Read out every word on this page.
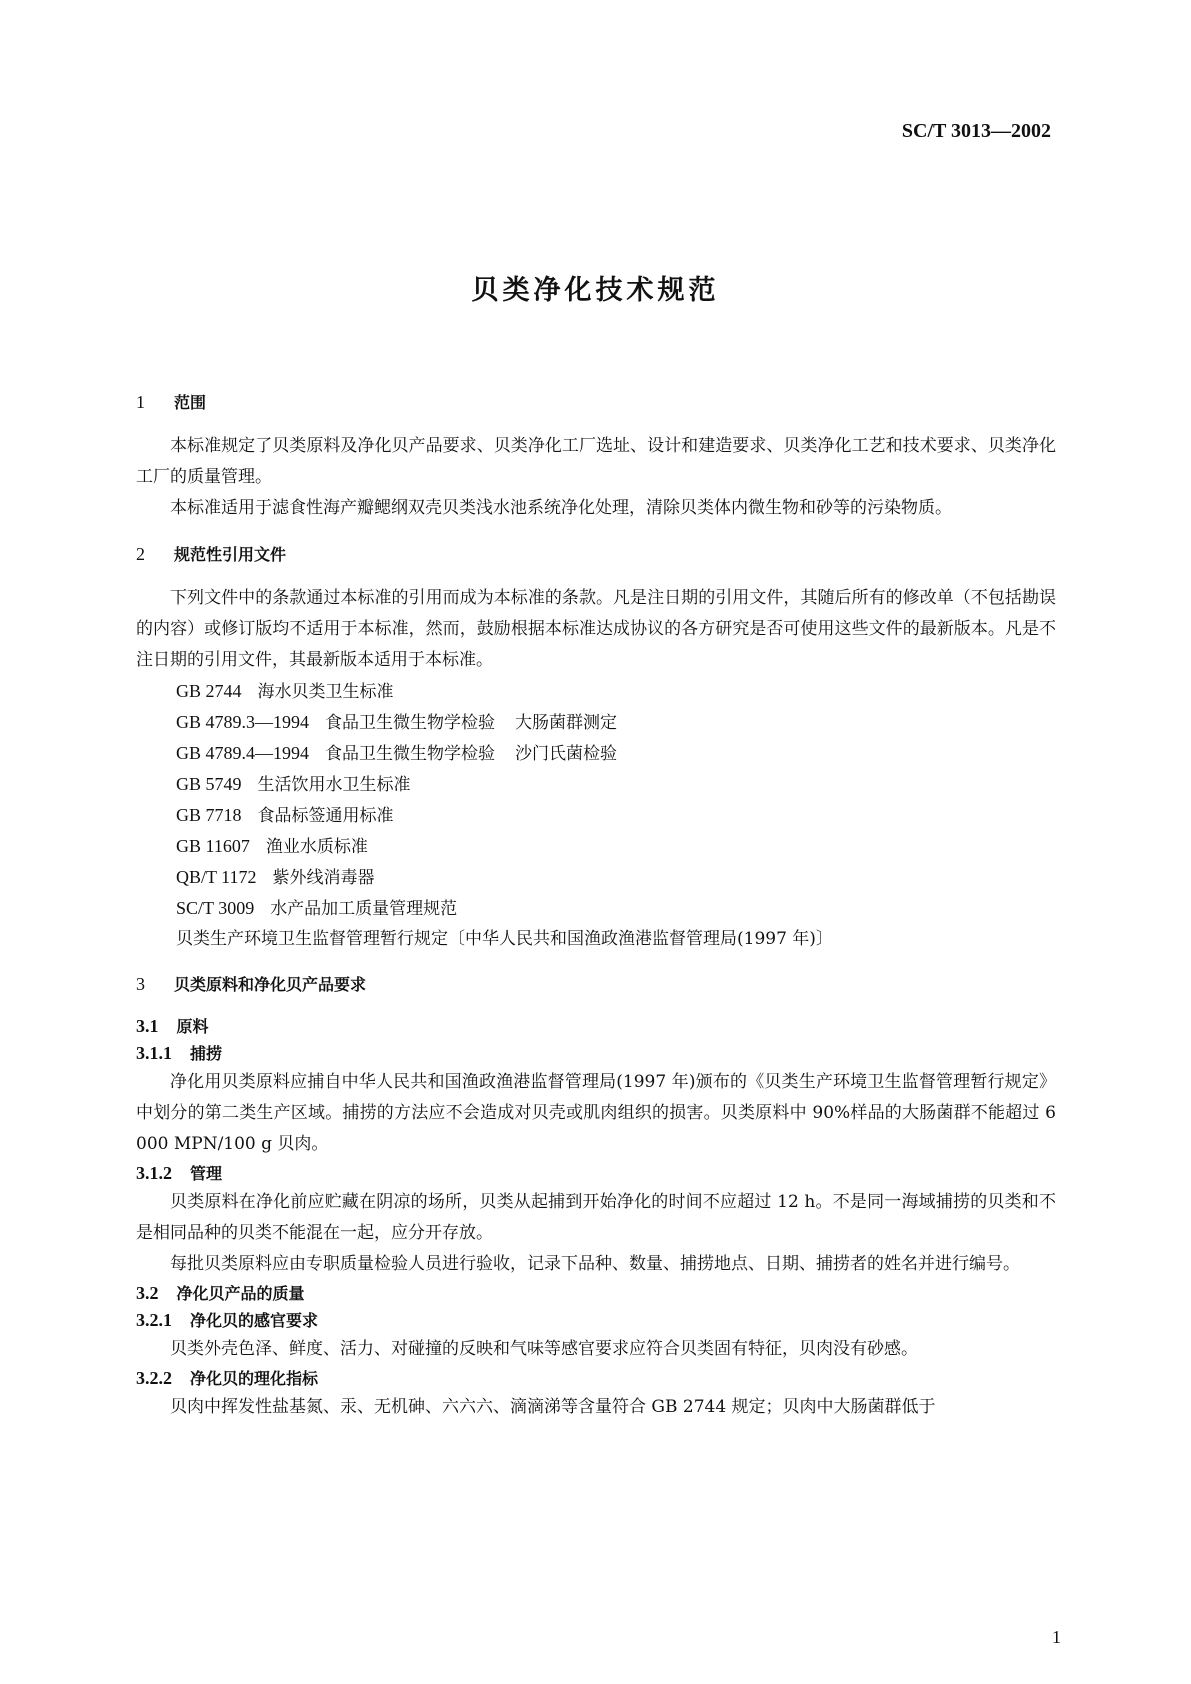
SC/T 3013—2002
贝类净化技术规范
1 范围

本标准规定了贝类原料及净化贝产品要求、贝类净化工厂选址、设计和建造要求、贝类净化工艺和技术要求、贝类净化工厂的质量管理。

本标准适用于滤食性海产瓣鳃纲双壳贝类浅水池系统净化处理，清除贝类体内微生物和砂等的污染物质。

2 规范性引用文件

下列文件中的条款通过本标准的引用而成为本标准的条款。凡是注日期的引用文件，其随后所有的修改单（不包括勘误的内容）或修订版均不适用于本标准，然而，鼓励根据本标准达成协议的各方研究是否可使用这些文件的最新版本。凡是不注日期的引用文件，其最新版本适用于本标准。

GB 2744 海水贝类卫生标准
GB 4789.3—1994 食品卫生微生物学检验 大肠菌群测定
GB 4789.4—1994 食品卫生微生物学检验 沙门氏菌检验
GB 5749 生活饮用水卫生标准
GB 7718 食品标签通用标准
GB 11607 渔业水质标准
QB/T 1172 紫外线消毒器
SC/T 3009 水产品加工质量管理规范
贝类生产环境卫生监督管理暂行规定〔中华人民共和国渔政渔港监督管理局(1997 年)〕
3 贝类原料和净化贝产品要求
3.1 原料
3.1.1 捕捞

净化用贝类原料应捕自中华人民共和国渔政渔港监督管理局(1997 年)颁布的《贝类生产环境卫生监督管理暂行规定》中划分的第二类生产区域。捕捞的方法应不会造成对贝壳或肌肉组织的损害。贝类原料中 90%样品的大肠菌群不能超过 6 000 MPN/100 g 贝肉。

3.1.2 管理

贝类原料在净化前应贮藏在阴凉的场所，贝类从起捕到开始净化的时间不应超过 12 h。不是同一海域捕捞的贝类和不是相同品种的贝类不能混在一起，应分开存放。

每批贝类原料应由专职质量检验人员进行验收，记录下品种、数量、捕捞地点、日期、捕捞者的姓名并进行编号。

3.2 净化贝产品的质量
3.2.1 净化贝的感官要求

贝类外壳色泽、鲜度、活力、对碰撞的反映和气味等感官要求应符合贝类固有特征，贝肉没有砂感。

3.2.2 净化贝的理化指标

贝肉中挥发性盐基氮、汞、无机砷、六六六、滴滴涕等含量符合 GB 2744 规定；贝肉中大肠菌群低于

1
